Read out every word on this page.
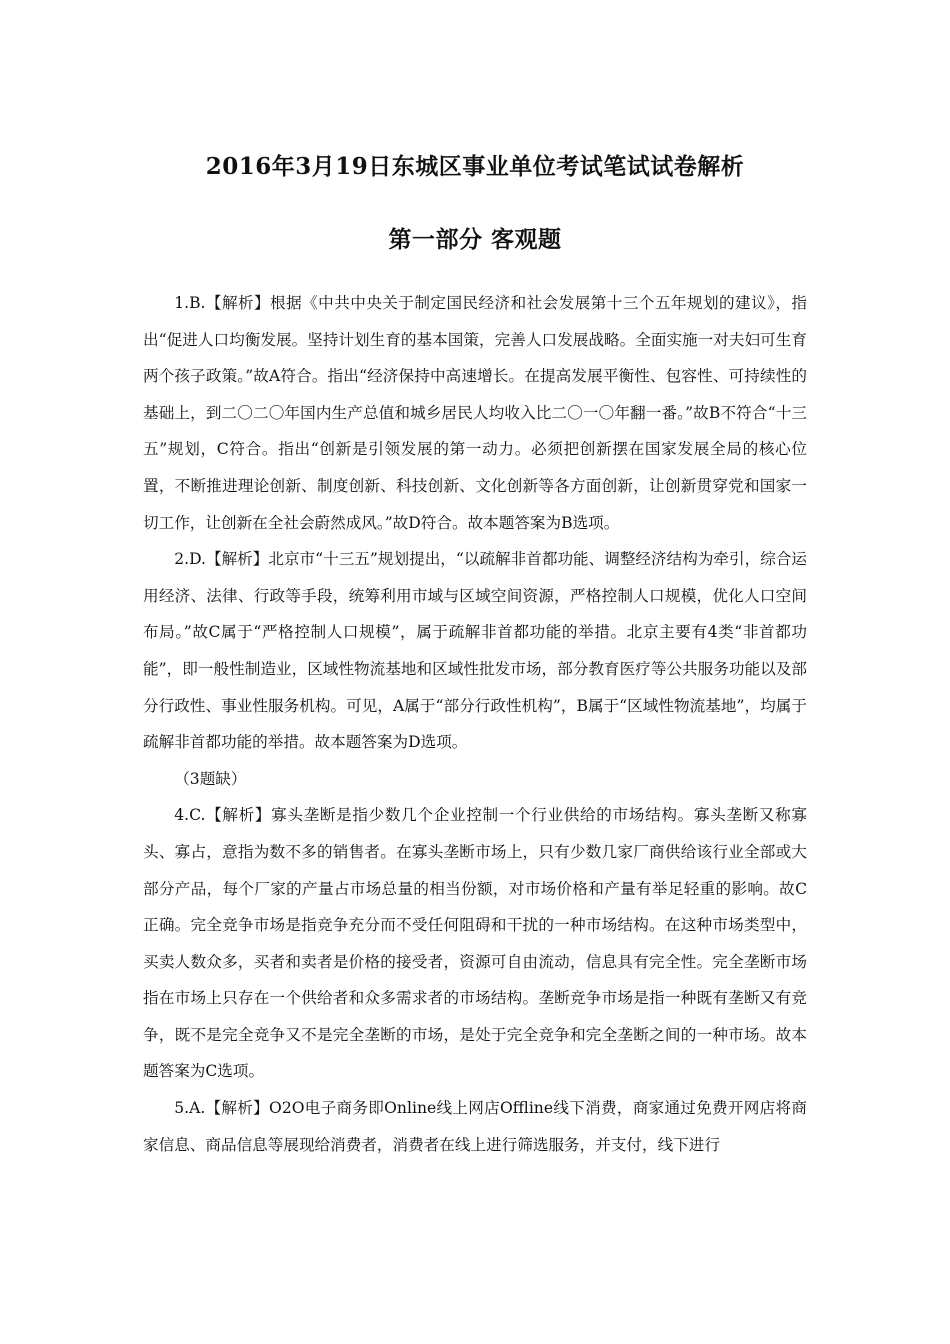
2016年3月19日东城区事业单位考试笔试试卷解析
第一部分 客观题

1.B.【解析】根据《中共中央关于制定国民经济和社会发展第十三个五年规划的建议》，指出“促进人口均衡发展。坚持计划生育的基本国策，完善人口发展战略。全面实施一对夫妇可生育两个孩子政策。”故A符合。指出“经济保持中高速增长。在提高发展平衡性、包容性、可持续性的基础上，到二〇二〇年国内生产总值和城乡居民人均收入比二〇一〇年翻一番。”故B不符合“十三五”规划，C符合。指出“创新是引领发展的第一动力。必须把创新摆在国家发展全局的核心位置，不断推进理论创新、制度创新、科技创新、文化创新等各方面创新，让创新贯穿党和国家一切工作，让创新在全社会蔚然成风。”故D符合。故本题答案为B选项。

2.D.【解析】北京市“十三五”规划提出，“以疏解非首都功能、调整经济结构为牵引，综合运用经济、法律、行政等手段，统筹利用市域与区域空间资源，严格控制人口规模，优化人口空间布局。”故C属于“严格控制人口规模”，属于疏解非首都功能的举措。北京主要有4类“非首都功能”，即一般性制造业，区域性物流基地和区域性批发市场，部分教育医疗等公共服务功能以及部分行政性、事业性服务机构。可见，A属于“部分行政性机构”，B属于“区域性物流基地”，均属于疏解非首都功能的举措。故本题答案为D选项。

（3题缺）

4.C.【解析】寡头垄断是指少数几个企业控制一个行业供给的市场结构。寡头垄断又称寡头、寡占，意指为数不多的销售者。在寡头垄断市场上，只有少数几家厂商供给该行业全部或大部分产品，每个厂家的产量占市场总量的相当份额，对市场价格和产量有举足轻重的影响。故C正确。完全竞争市场是指竞争充分而不受任何阻碍和干扰的一种市场结构。在这种市场类型中，买卖人数众多，买者和卖者是价格的接受者，资源可自由流动，信息具有完全性。完全垄断市场指在市场上只存在一个供给者和众多需求者的市场结构。垄断竞争市场是指一种既有垄断又有竞争，既不是完全竞争又不是完全垄断的市场，是处于完全竞争和完全垄断之间的一种市场。故本题答案为C选项。

5.A.【解析】O2O电子商务即Online线上网店Offline线下消费，商家通过免费开网店将商家信息、商品信息等展现给消费者，消费者在线上进行筛选服务，并支付，线下进行
